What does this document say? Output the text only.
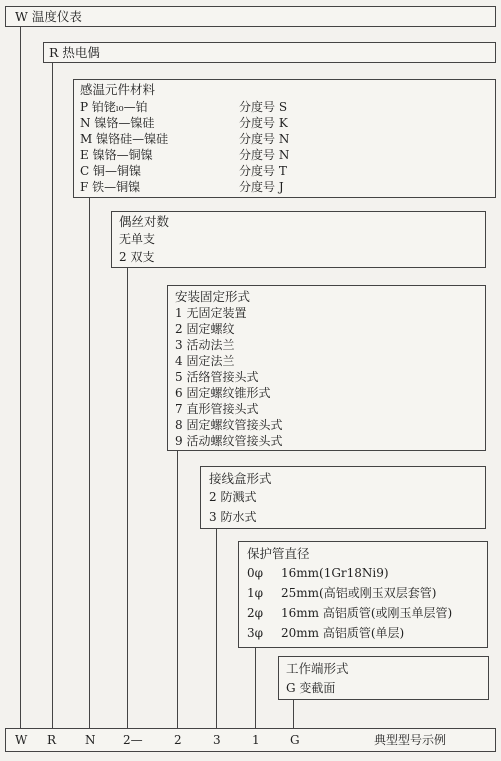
W 温度仪表
R 热电偶
感温元件材料
P 铂铑ₗ₀—铂	分度号 S
N 镍铬—镍硅	分度号 K
M 镍铬硅—镍硅	分度号 N
E 镍铬—铜镍	分度号 N
C 铜—铜镍	分度号 T
F 铁—铜镍	分度号 J
偶丝对数
无单支
2 双支
安装固定形式
1 无固定装置
2 固定螺纹
3 活动法兰
4 固定法兰
5 活络管接头式
6 固定螺纹锥形式
7 直形管接头式
8 固定螺纹管接头式
9 活动螺纹管接头式
接线盒形式
2 防溅式
3 防水式
保护管直径
0φ 16mm(1Gr18Ni9)
1φ 25mm(高铝或刚玉双层套管)
2φ 16mm 高铝质管(或刚玉单层管)
3φ 20mm 高铝质管(单层)
工作端形式
G 变截面
W R N 2—	2	3	1	G	典型型号示例
